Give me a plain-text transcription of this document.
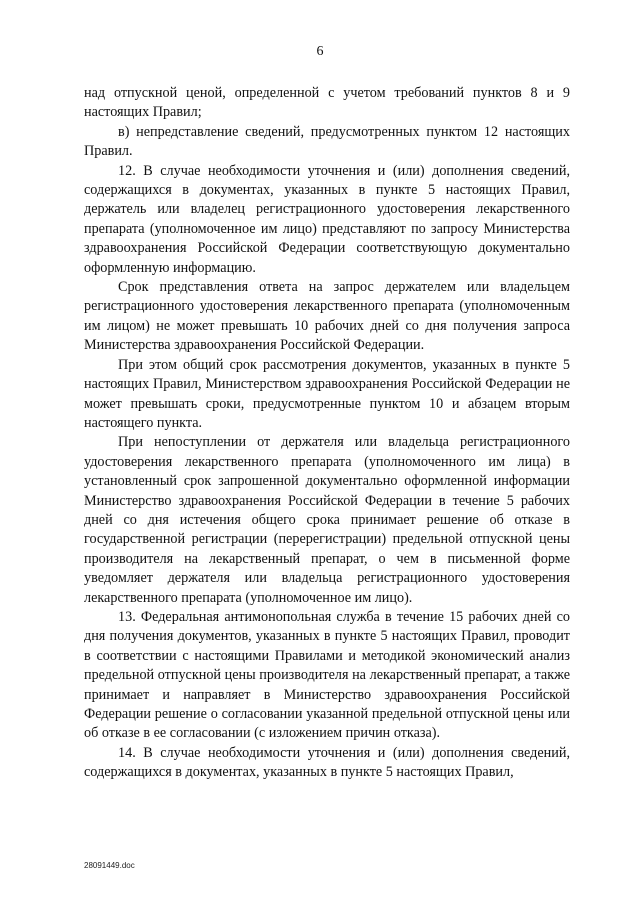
6

над отпускной ценой, определенной с учетом требований пунктов 8 и 9 настоящих Правил;

в) непредставление сведений, предусмотренных пунктом 12 настоящих Правил.

12. В случае необходимости уточнения и (или) дополнения сведений, содержащихся в документах, указанных в пункте 5 настоящих Правил, держатель или владелец регистрационного удостоверения лекарственного препарата (уполномоченное им лицо) представляют по запросу Министерства здравоохранения Российской Федерации соответствующую документально оформленную информацию.

Срок представления ответа на запрос держателем или владельцем регистрационного удостоверения лекарственного препарата (уполномоченным им лицом) не может превышать 10 рабочих дней со дня получения запроса Министерства здравоохранения Российской Федерации.

При этом общий срок рассмотрения документов, указанных в пункте 5 настоящих Правил, Министерством здравоохранения Российской Федерации не может превышать сроки, предусмотренные пунктом 10 и абзацем вторым настоящего пункта.

При непоступлении от держателя или владельца регистрационного удостоверения лекарственного препарата (уполномоченного им лица) в установленный срок запрошенной документально оформленной информации Министерство здравоохранения Российской Федерации в течение 5 рабочих дней со дня истечения общего срока принимает решение об отказе в государственной регистрации (перерегистрации) предельной отпускной цены производителя на лекарственный препарат, о чем в письменной форме уведомляет держателя или владельца регистрационного удостоверения лекарственного препарата (уполномоченное им лицо).

13. Федеральная антимонопольная служба в течение 15 рабочих дней со дня получения документов, указанных в пункте 5 настоящих Правил, проводит в соответствии с настоящими Правилами и методикой экономический анализ предельной отпускной цены производителя на лекарственный препарат, а также принимает и направляет в Министерство здравоохранения Российской Федерации решение о согласовании указанной предельной отпускной цены или об отказе в ее согласовании (с изложением причин отказа).

14. В случае необходимости уточнения и (или) дополнения сведений, содержащихся в документах, указанных в пункте 5 настоящих Правил,

28091449.doc
